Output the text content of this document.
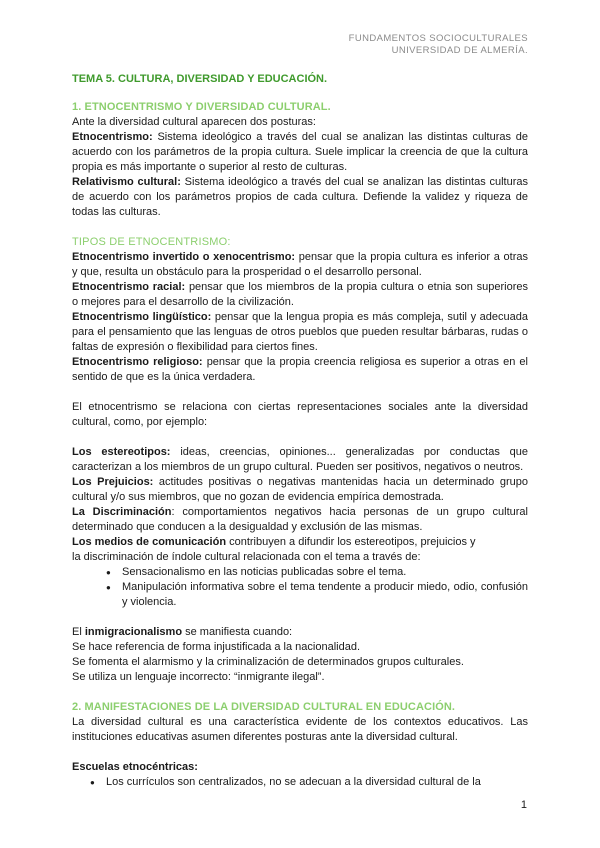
FUNDAMENTOS SOCIOCULTURALES
UNIVERSIDAD DE ALMERÍA.
TEMA 5. CULTURA, DIVERSIDAD Y EDUCACIÓN.
1. ETNOCENTRISMO Y DIVERSIDAD CULTURAL.

Ante la diversidad cultural aparecen dos posturas:

Etnocentrismo: Sistema ideológico a través del cual se analizan las distintas culturas de acuerdo con los parámetros de la propia cultura. Suele implicar la creencia de que la cultura propia es más importante o superior al resto de culturas.

Relativismo cultural: Sistema ideológico a través del cual se analizan las distintas culturas de acuerdo con los parámetros propios de cada cultura. Defiende la validez y riqueza de todas las culturas.

TIPOS DE ETNOCENTRISMO:

Etnocentrismo invertido o xenocentrismo: pensar que la propia cultura es inferior a otras y que, resulta un obstáculo para la prosperidad o el desarrollo personal.

Etnocentrismo racial: pensar que los miembros de la propia cultura o etnia son superiores o mejores para el desarrollo de la civilización.

Etnocentrismo lingüístico: pensar que la lengua propia es más compleja, sutil y adecuada para el pensamiento que las lenguas de otros pueblos que pueden resultar bárbaras, rudas o faltas de expresión o flexibilidad para ciertos fines.

Etnocentrismo religioso: pensar que la propia creencia religiosa es superior a otras en el sentido de que es la única verdadera.

El etnocentrismo se relaciona con ciertas representaciones sociales ante la diversidad cultural, como, por ejemplo:

Los estereotipos: ideas, creencias, opiniones... generalizadas por conductas que caracterizan a los miembros de un grupo cultural. Pueden ser positivos, negativos o neutros.

Los Prejuicios: actitudes positivas o negativas mantenidas hacia un determinado grupo cultural y/o sus miembros, que no gozan de evidencia empírica demostrada.

La Discriminación: comportamientos negativos hacia personas de un grupo cultural determinado que conducen a la desigualdad y exclusión de las mismas.

Los medios de comunicación contribuyen a difundir los estereotipos, prejuicios y

la discriminación de índole cultural relacionada con el tema a través de:

● Sensacionalismo en las noticias publicadas sobre el tema.
● Manipulación informativa sobre el tema tendente a producir miedo, odio, confusión y violencia.

El inmigracionalismo se manifiesta cuando:

Se hace referencia de forma injustificada a la nacionalidad.

Se fomenta el alarmismo y la criminalización de determinados grupos culturales.

Se utiliza un lenguaje incorrecto: “inmigrante ilegal”.

2. MANIFESTACIONES DE LA DIVERSIDAD CULTURAL EN EDUCACIÓN.

La diversidad cultural es una característica evidente de los contextos educativos. Las instituciones educativas asumen diferentes posturas ante la diversidad cultural.

Escuelas etnocéntricas:

● Los currículos son centralizados, no se adecuan a la diversidad cultural de la
1
